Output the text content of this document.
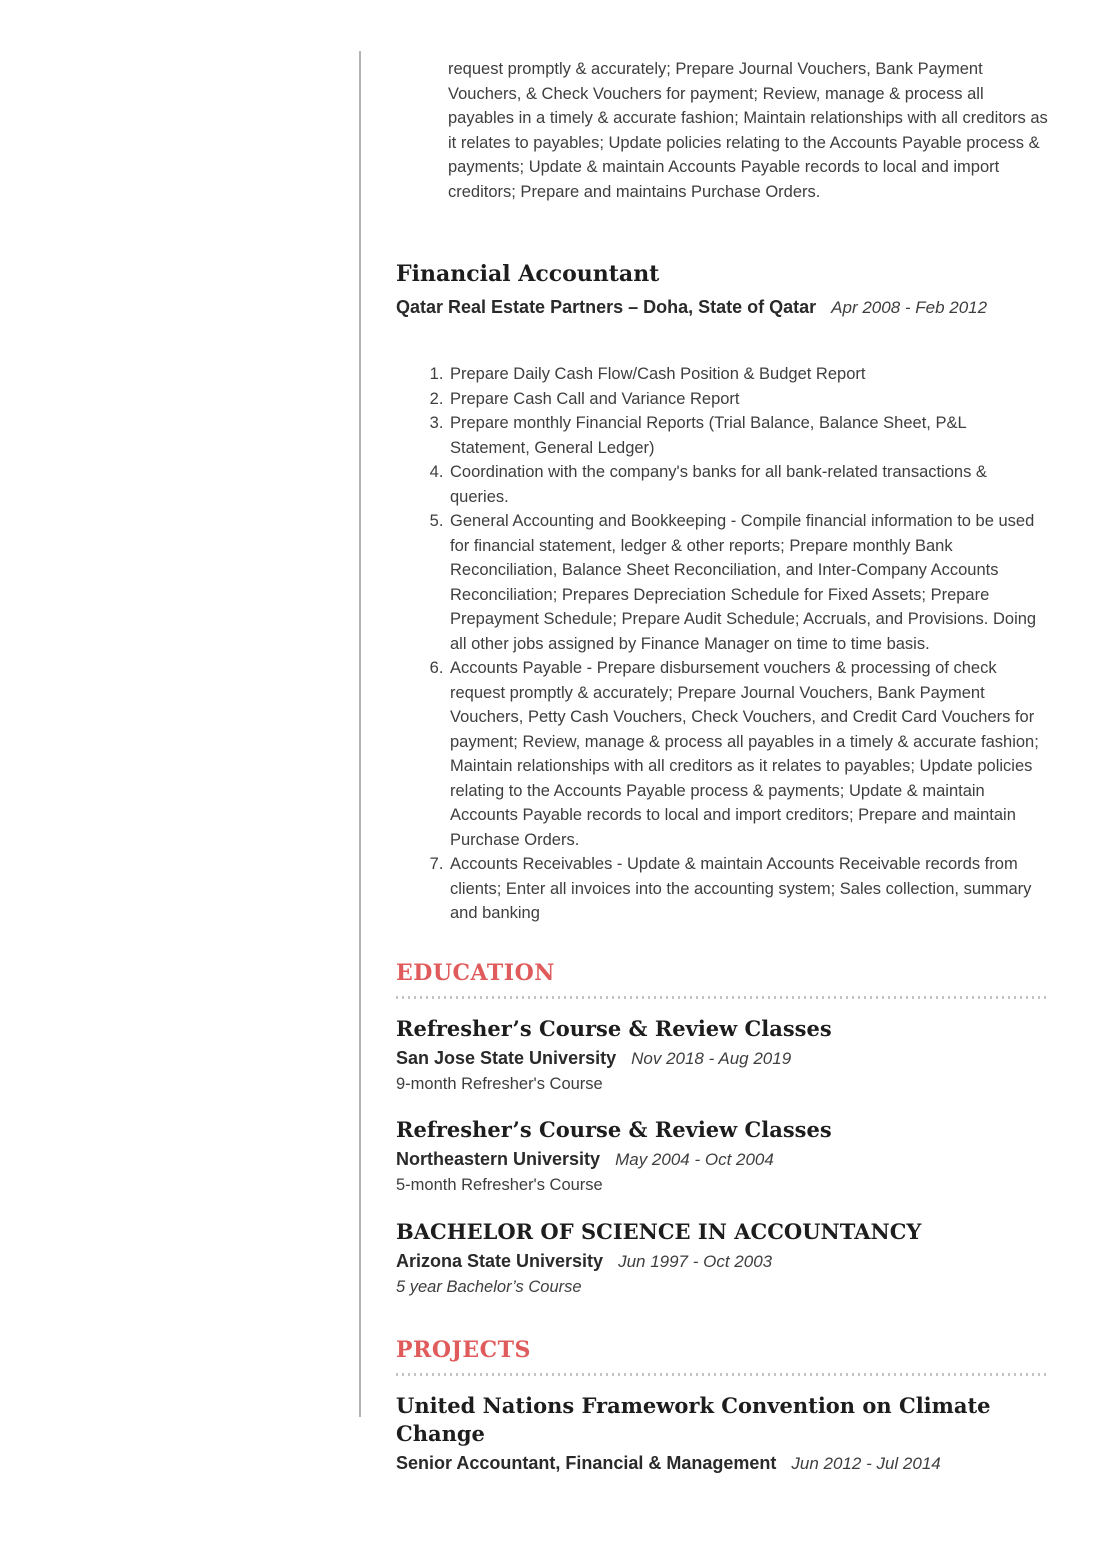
request promptly & accurately; Prepare Journal Vouchers, Bank Payment Vouchers, & Check Vouchers for payment; Review, manage & process all payables in a timely & accurate fashion; Maintain relationships with all creditors as it relates to payables; Update policies relating to the Accounts Payable process & payments; Update & maintain Accounts Payable records to local and import creditors; Prepare and maintains Purchase Orders.

Financial Accountant
Qatar Real Estate Partners – Doha, State of Qatar Apr 2008 - Feb 2012
1. Prepare Daily Cash Flow/Cash Position & Budget Report
2. Prepare Cash Call and Variance Report
3. Prepare monthly Financial Reports (Trial Balance, Balance Sheet, P&L Statement, General Ledger)
4. Coordination with the company's banks for all bank-related transactions & queries.
5. General Accounting and Bookkeeping - Compile financial information to be used for financial statement, ledger & other reports; Prepare monthly Bank Reconciliation, Balance Sheet Reconciliation, and Inter-Company Accounts Reconciliation; Prepares Depreciation Schedule for Fixed Assets; Prepare Prepayment Schedule; Prepare Audit Schedule; Accruals, and Provisions. Doing all other jobs assigned by Finance Manager on time to time basis.
6. Accounts Payable - Prepare disbursement vouchers & processing of check request promptly & accurately; Prepare Journal Vouchers, Bank Payment Vouchers, Petty Cash Vouchers, Check Vouchers, and Credit Card Vouchers for payment; Review, manage & process all payables in a timely & accurate fashion; Maintain relationships with all creditors as it relates to payables; Update policies relating to the Accounts Payable process & payments; Update & maintain Accounts Payable records to local and import creditors; Prepare and maintain Purchase Orders.
7. Accounts Receivables - Update & maintain Accounts Receivable records from clients; Enter all invoices into the accounting system; Sales collection, summary and banking
EDUCATION
Refresher’s Course & Review Classes
San Jose State University Nov 2018 - Aug 2019
9-month Refresher's Course
Refresher’s Course & Review Classes
Northeastern University May 2004 - Oct 2004
5-month Refresher's Course
BACHELOR OF SCIENCE IN ACCOUNTANCY
Arizona State University Jun 1997 - Oct 2003
5 year Bachelor’s Course
PROJECTS
United Nations Framework Convention on Climate Change
Senior Accountant, Financial & Management Jun 2012 - Jul 2014
